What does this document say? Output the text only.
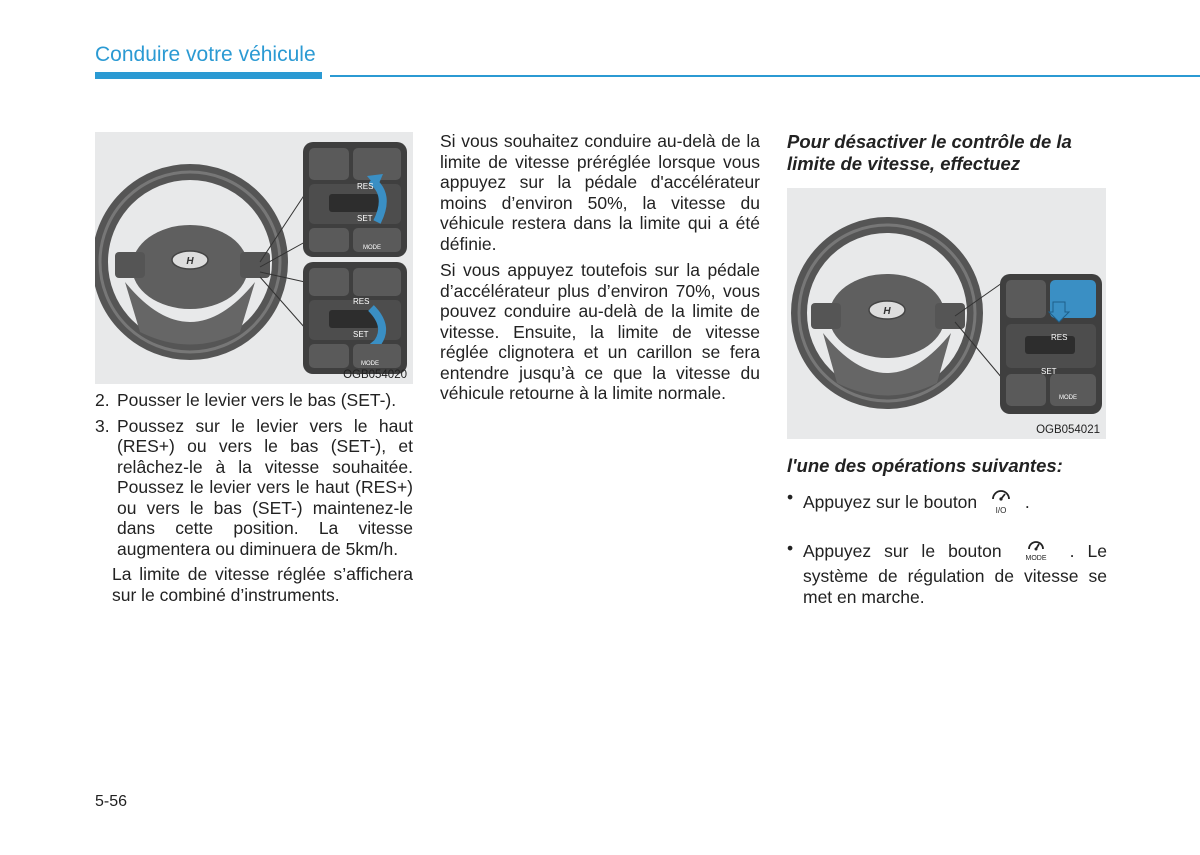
Conduire votre véhicule
H
RES
SET
MODE
RES
SET
MODE
OGB054020
2. Pousser le levier vers le bas (SET-).
3. Poussez sur le levier vers le haut (RES+) ou vers le bas (SET-), et relâchez-le à la vitesse souhaitée. Poussez le levier vers le haut (RES+) ou vers le bas (SET-) maintenez-le dans cette position. La vitesse augmentera ou diminuera de 5km/h.

La limite de vitesse réglée s’affichera sur le combiné d’instruments.

Si vous souhaitez conduire au-delà de la limite de vitesse préréglée lorsque vous appuyez sur la pédale d'accélérateur moins d’environ 50%, la vitesse du véhicule restera dans la limite qui a été définie.

Si vous appuyez toutefois sur la pédale d’accélérateur plus d’environ 70%, vous pouvez conduire au-delà de la limite de vitesse. Ensuite, la limite de vitesse réglée clignotera et un carillon se fera entendre jusqu’à ce que la vitesse du véhicule retourne à la limite normale.

Pour désactiver le contrôle de la limite de vitesse, effectuez
H
RES
SET
MODE
OGB054021
l'une des opérations suivantes:
• Appuyez sur le bouton I/O .
• Appuyez sur le bouton	MODE . Le système de régulation de vitesse se met en marche.
5-56
